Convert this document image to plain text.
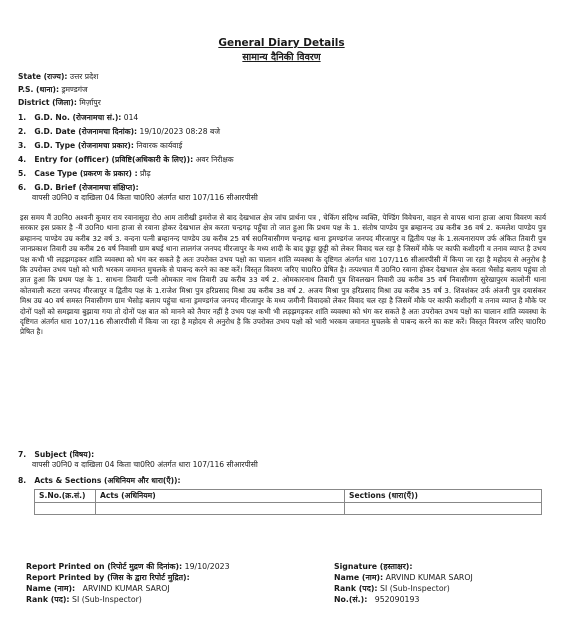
General Diary Details
सामान्य दैनिकी विवरण
State (राज्य): उत्तर प्रदेश
P.S. (थाना): ड्रमण्डगंज
District (जिला): मिर्ज़ापुर
1. G.D. No. (रोजनामचा सं.): 014
2. G.D. Date (रोजनामचा दिनांक): 19/10/2023 08:28 बजे
3. G.D. Type (रोजनामचा प्रकार): निवारक कार्यवाई
4. Entry for (officer) (प्रविष्टि(अधिकारी के लिए)): अवर निरीक्षक
5. Case Type (प्रकरण के प्रकार) : प्रौढ़
6. G.D. Brief (रोजनामचा संक्षिप्त):
वापसी उ0नि0 व दाखिला 04 किता चा0रि0 अंतर्गत धारा 107/116 सीआरपीसी

इस समय मैं उ0नि0 अश्वनी कुमार राय रवानासुदा रो0 आम तारीखी इमरोज से बाद देखभाल क्षेत्र जांच प्रार्थना पत्र , चेकिंग संदिग्ध व्यक्ति, पेण्डिंग विवेचना, वाहन से वापस थाना हाजा आया विवरण कार्य सरकार इस प्रकार है -मैं उ0नि0 थाना हाजा से रवाना होकर देखभाल क्षेत्र करता चन्द्रगढ़ पहुँचा तो जात हुआ कि प्रथम पक्ष के 1. संतोष पाण्डेय पुत्र ब्रम्हानन्द उम्र करीब 36 वर्ष 2. कमलेश पाण्डेय पुत्र ब्रम्हानन्द पाण्डेय उम्र करीब 32 वर्ष 3. वन्दना पत्नी ब्रम्हानन्द पाण्डेय उम्र करीब 25 वर्ष स0निवासीगण चन्द्रगढ़ थाना ड्रमण्डगंज जनपद मीरजापुर व द्वितीय पक्ष के 1.सत्यनारायण उर्फ अंकित तिवारी पुत्र जानप्रकाश तिवारी उम्र करीब 26 वर्ष निवासी ग्राम बघई थाना लालगंज जनपद मीरजापुर के मध्य शादी के बाद छुट्टा छुट्टी को लेकर विवाद चल रहा है जिसमें मौके पर काफी कशीदगी व तनाव व्याप्त है उभय पक्ष कभी भी लड़झगड़कर शांति व्यवस्था को भंग कर सकते है अतः उपरोक्त उभय पक्षो का चालान शांति व्यवस्था के दृष्टिगत अंतर्गत धारा 107/116 सीआरपीसी में किया जा रहा है महोदय से अनुरोध है कि उपरोक्त उभय पक्षो को भारी भरकम जमानत मुचलके से पाबन्द करने का कष्ट करें। विस्तृत विवरण जरिए चा0रि0 प्रेषित है। तत्पश्चात मैं उ0नि0 रवाना होकर देखभाल क्षेत्र करता भैसोड़ बलाय पहुंचा तो ज्ञात हुआ कि प्रथम पक्ष के 1. साधना तिवारी पत्नी ओमकार नाथ तिवारी उम्र करीब 33 वर्ष 2. ओमकारनाथ तिवारी पुत्र शिवलखन तिवारी उम्र करीब 35 वर्ष निवासीगण सुरेखापुरम कालोनी थाना कोतवाली कटरा जनपद मीरजापुर व द्वितीय पक्ष के 1.राजेश मिश्रा पुत्र हरिप्रसाद मिश्रा उम्र करीब 38 वर्ष 2. अजय मिश्रा पुत्र हरिप्रसाद मिश्रा उम्र करीब 35 वर्ष 3. शिवशंकर उर्फ अंजनी पुत्र दयासंकर मिश्र उम्र 40 वर्ष समस्त निवासीगण ग्राम भैसोड़ बलाय पहुंचा थाना ड्रमण्डगंज जनपद मीरजापुर के मध्य जमीनी विवादको लेकर विवाद चल रहा है जिसमें मौके पर काफी कशीदगी व तनाव व्याप्त है मौके पर दोनों पक्षों को समझाया बुझाया गया तो दोनों पक्ष बात को मानने को तैयार नहीं है उभय पक्ष कभी भी लड़झगड़कर शांति व्यवस्था को भंग कर सकते है अतः उपरोक्त उभय पक्षो का चालान शांति व्यवस्था के दृष्टिगत अंतर्गत धारा 107/116 सीआरपीसी में किया जा रहा है महोदय से अनुरोध है कि उपरोक्त उभय पक्षो को भारी भरकम जमानत मुचलके से पाबन्द करने का कष्ट करें। विस्तृत विवरण जरिए चा0रि0 प्रेषित है।

7. Subject (विषय):
वापसी उ0नि0 व दाखिला 04 किता चा0रि0 अंतर्गत धारा 107/116 सीआरपीसी
8. Acts & Sections (अधिनियम और धारा(एँ)):
S.No.(क्र.सं.)	Acts (अधिनियम)	Sections (धारा(एँ))

Report Printed on (रिपोर्ट मुद्रण की दिनांक): 19/10/2023
Report Printed by (जिस के द्वारा रिपोर्ट मुद्रित):
Name (नाम): ARVIND KUMAR SAROJ
Rank (पद): SI (Sub-Inspector)
Signature (हस्ताक्षर):
Name (नाम): ARVIND KUMAR SAROJ
Rank (पद): SI (Sub-Inspector)
No.(सं.): 952090193
